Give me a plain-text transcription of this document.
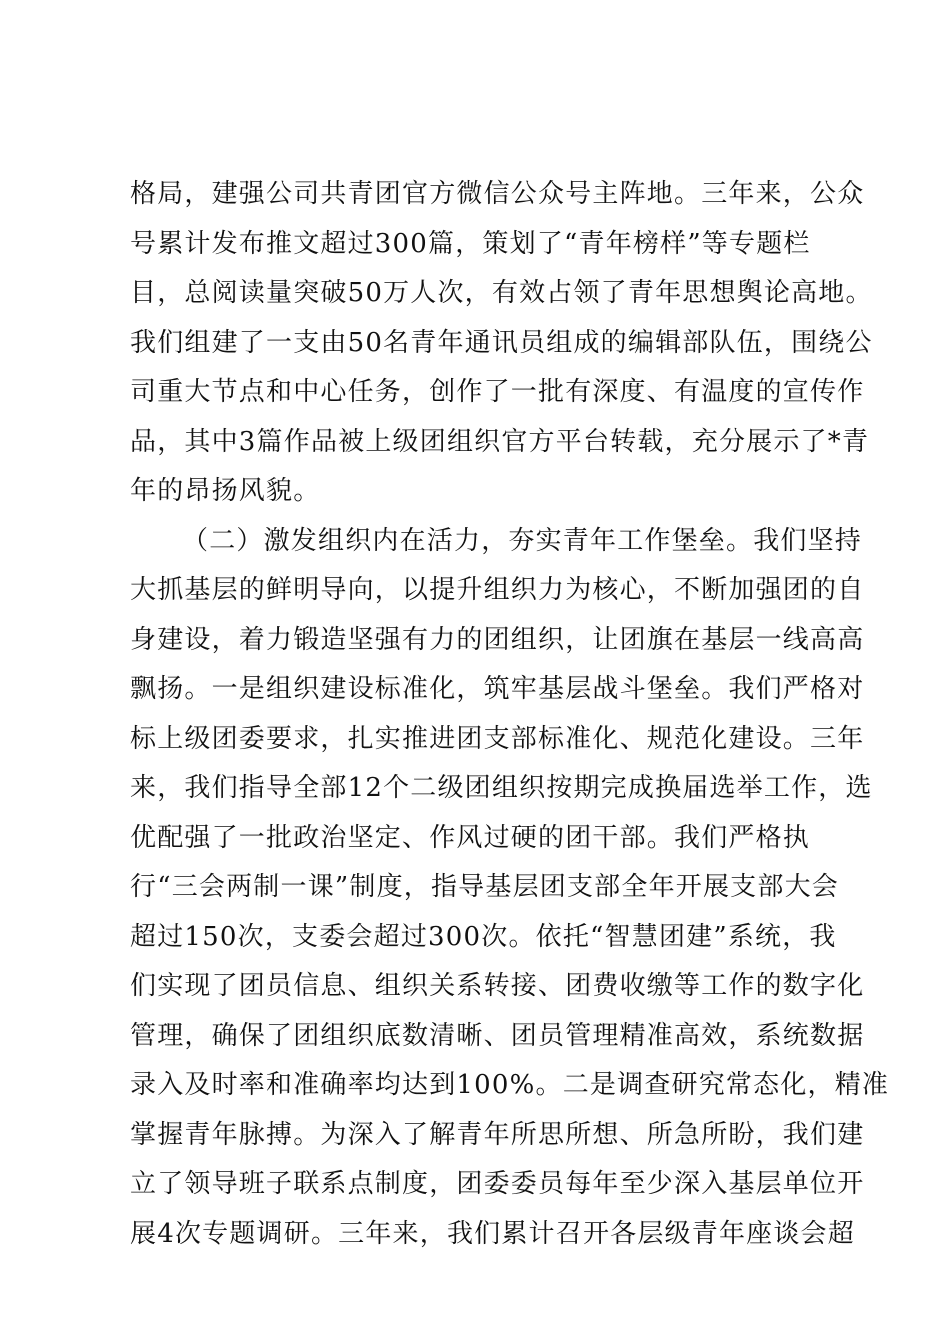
格局，建强公司共青团官方微信公众号主阵地。三年来，公众
号累计发布推文超过300篇，策划了“青年榜样”等专题栏
目，总阅读量突破50万人次，有效占领了青年思想舆论高地。
我们组建了一支由50名青年通讯员组成的编辑部队伍，围绕公
司重大节点和中心任务，创作了一批有深度、有温度的宣传作
品，其中3篇作品被上级团组织官方平台转载，充分展示了*青
年的昂扬风貌。
（二）激发组织内在活力，夯实青年工作堡垒。我们坚持
大抓基层的鲜明导向，以提升组织力为核心，不断加强团的自
身建设，着力锻造坚强有力的团组织，让团旗在基层一线高高
飘扬。一是组织建设标准化，筑牢基层战斗堡垒。我们严格对
标上级团委要求，扎实推进团支部标准化、规范化建设。三年
来，我们指导全部12个二级团组织按期完成换届选举工作，选
优配强了一批政治坚定、作风过硬的团干部。我们严格执
行“三会两制一课”制度，指导基层团支部全年开展支部大会
超过150次，支委会超过300次。依托“智慧团建”系统，我
们实现了团员信息、组织关系转接、团费收缴等工作的数字化
管理，确保了团组织底数清晰、团员管理精准高效，系统数据
录入及时率和准确率均达到100%。二是调查研究常态化，精准
掌握青年脉搏。为深入了解青年所思所想、所急所盼，我们建
立了领导班子联系点制度，团委委员每年至少深入基层单位开
展4次专题调研。三年来，我们累计召开各层级青年座谈会超
